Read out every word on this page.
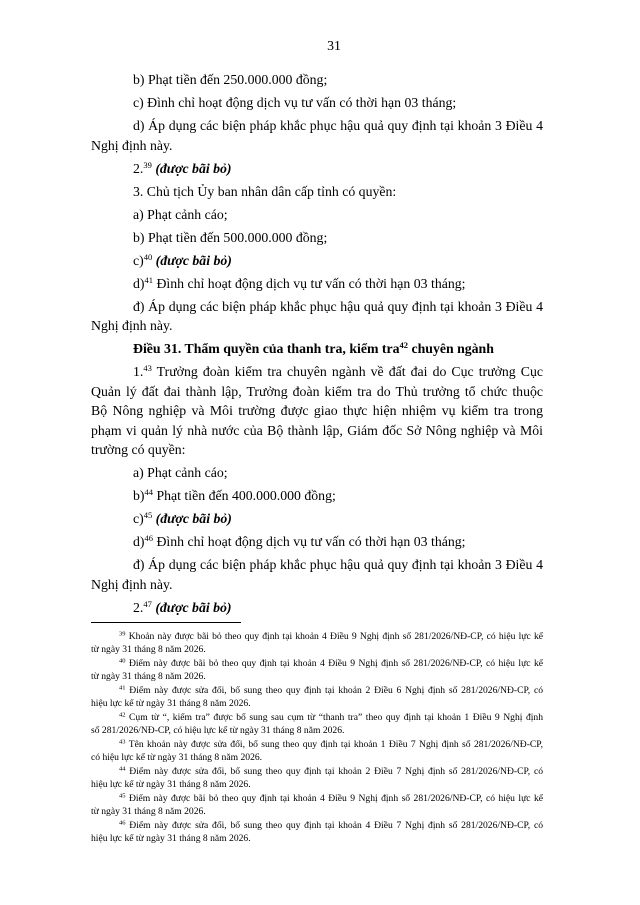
31
b) Phạt tiền đến 250.000.000 đồng;
c) Đình chỉ hoạt động dịch vụ tư vấn có thời hạn 03 tháng;
d) Áp dụng các biện pháp khắc phục hậu quả quy định tại khoản 3 Điều 4
Nghị định này.
2.39 (được bãi bỏ)
3. Chủ tịch Ủy ban nhân dân cấp tỉnh có quyền:
a) Phạt cảnh cáo;
b) Phạt tiền đến 500.000.000 đồng;
c)$^{40}$ (được bãi bỏ)
d)$^{41}$ Đình chỉ hoạt động dịch vụ tư vấn có thời hạn 03 tháng;
đ) Áp dụng các biện pháp khắc phục hậu quả quy định tại khoản 3 Điều 4
Nghị định này.
Điều 31. Thẩm quyền của thanh tra, kiểm tra$^{42}$ chuyên ngành
1.43 Trưởng đoàn kiểm tra chuyên ngành về đất đai do Cục trưởng Cục
Quản lý đất đai thành lập, Trưởng đoàn kiểm tra do Thủ trưởng tổ chức thuộc
Bộ Nông nghiệp và Môi trường được giao thực hiện nhiệm vụ kiểm tra trong
phạm vi quản lý nhà nước của Bộ thành lập, Giám đốc Sở Nông nghiệp và Môi
trường có quyền:
a) Phạt cảnh cáo;
b)$^{44}$ Phạt tiền đến 400.000.000 đồng;
c)$^{45}$ (được bãi bỏ)
d)$^{46}$ Đình chỉ hoạt động dịch vụ tư vấn có thời hạn 03 tháng;
đ) Áp dụng các biện pháp khắc phục hậu quả quy định tại khoản 3 Điều 4
Nghị định này.
2.47 (được bãi bỏ)
$^{39}$ Khoản này được bãi bỏ theo quy định tại khoản 4 Điều 9 Nghị định số 281/2026/NĐ-CP, có hiệu lực kể
từ ngày 31 tháng 8 năm 2026.
$^{40}$ Điểm này được bãi bỏ theo quy định tại khoản 4 Điều 9 Nghị định số 281/2026/NĐ-CP, có hiệu lực kể
từ ngày 31 tháng 8 năm 2026.
$^{41}$ Điểm này được sửa đổi, bổ sung theo quy định tại khoản 2 Điều 6 Nghị định số 281/2026/NĐ-CP, có
hiệu lực kể từ ngày 31 tháng 8 năm 2026.
$^{42}$ Cụm từ “, kiểm tra” được bổ sung sau cụm từ “thanh tra” theo quy định tại khoản 1 Điều 9 Nghị định
số 281/2026/NĐ-CP, có hiệu lực kể từ ngày 31 tháng 8 năm 2026.
$^{43}$ Tên khoản này được sửa đổi, bổ sung theo quy định tại khoản 1 Điều 7 Nghị định số 281/2026/NĐ-CP,
có hiệu lực kể từ ngày 31 tháng 8 năm 2026.
$^{44}$ Điểm này được sửa đổi, bổ sung theo quy định tại khoản 2 Điều 7 Nghị định số 281/2026/NĐ-CP, có
hiệu lực kể từ ngày 31 tháng 8 năm 2026.
$^{45}$ Điểm này được bãi bỏ theo quy định tại khoản 4 Điều 9 Nghị định số 281/2026/NĐ-CP, có hiệu lực kể
từ ngày 31 tháng 8 năm 2026.
$^{46}$ Điểm này được sửa đổi, bổ sung theo quy định tại khoản 4 Điều 7 Nghị định số 281/2026/NĐ-CP, có
hiệu lực kể từ ngày 31 tháng 8 năm 2026.
